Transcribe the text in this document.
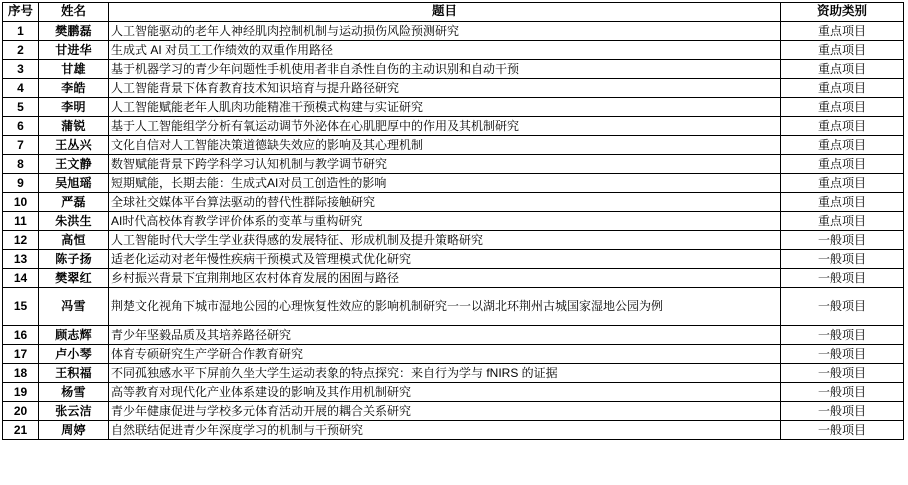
序号	姓名	题目	资助类别
1	樊鹏磊	人工智能驱动的老年人神经肌肉控制机制与运动损伤风险预测研究	重点项目
2	甘进华	生成式 AI 对员工工作绩效的双重作用路径	重点项目
3	甘雄	基于机器学习的青少年问题性手机使用者非自杀性自伤的主动识别和自动干预	重点项目
4	李皓	人工智能背景下体育教育技术知识培育与提升路径研究	重点项目
5	李明	人工智能赋能老年人肌肉功能精准干预模式构建与实证研究	重点项目
6	蒲锐	基于人工智能组学分析有氧运动调节外泌体在心肌肥厚中的作用及其机制研究	重点项目
7	王丛兴	文化自信对人工智能决策道德缺失效应的影响及其心理机制	重点项目
8	王文静	数智赋能背景下跨学科学习认知机制与教学调节研究	重点项目
9	吴旭瑶	短期赋能，长期去能：生成式AI对员工创造性的影响	重点项目
10	严磊	全球社交媒体平台算法驱动的替代性群际接触研究	重点项目
11	朱洪生	AI时代高校体育教学评价体系的变革与重构研究	重点项目
12	高恒	人工智能时代大学生学业获得感的发展特征、形成机制及提升策略研究	一般项目
13	陈子扬	适老化运动对老年慢性疾病干预模式及管理模式优化研究	一般项目
14	樊翠红	乡村振兴背景下宜荆荆地区农村体育发展的困囿与路径	一般项目
15	冯雪	荆楚文化视角下城市湿地公园的心理恢复性效应的影响机制研究一一以湖北环荆州古城国家湿地公园为例	一般项目
16	顾志辉	青少年坚毅品质及其培养路径研究	一般项目
17	卢小琴	体育专硕研究生产学研合作教育研究	一般项目
18	王积福	不同孤独感水平下屏前久坐大学生运动表象的特点探究：来自行为学与 fNIRS 的证据	一般项目
19	杨雪	高等教育对现代化产业体系建设的影响及其作用机制研究	一般项目
20	张云洁	青少年健康促进与学校多元体育活动开展的耦合关系研究	一般项目
21	周婷	自然联结促进青少年深度学习的机制与干预研究	一般项目
